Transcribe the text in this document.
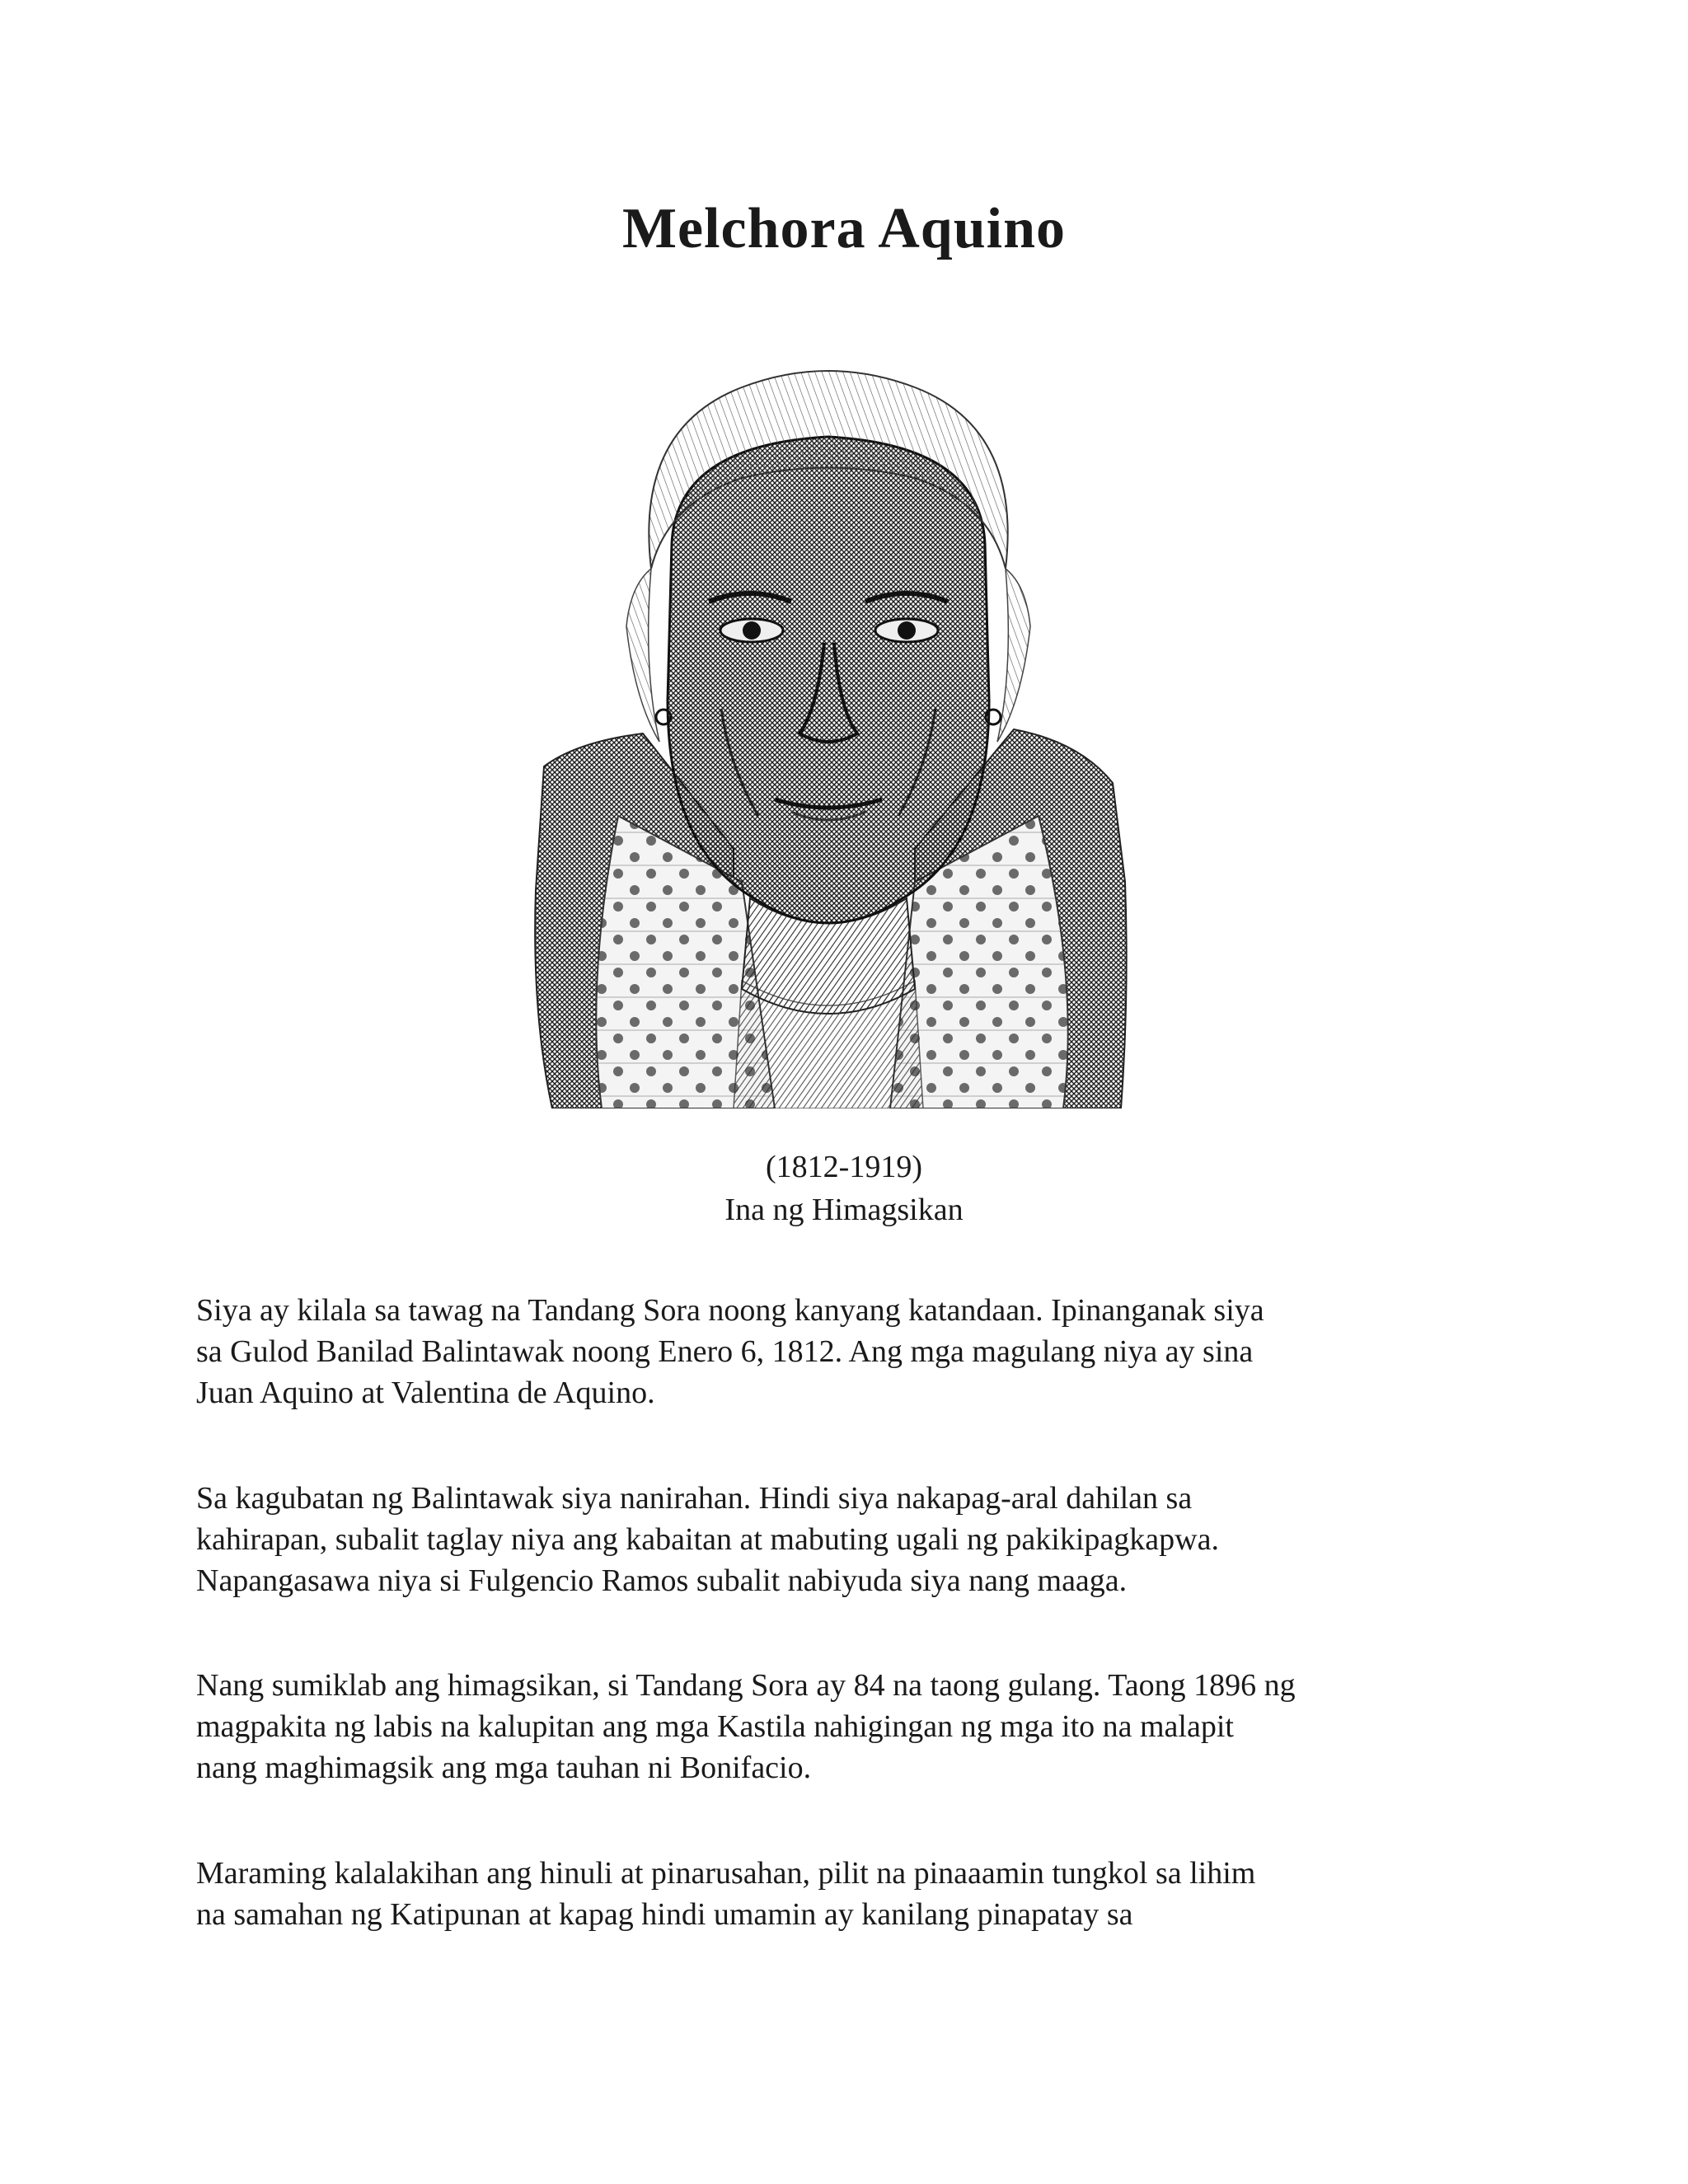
Melchora Aquino
(1812-1919)
Ina ng Himagsikan

Siya ay kilala sa tawag na Tandang Sora noong kanyang katandaan. Ipinanganak siya
sa Gulod Banilad Balintawak noong Enero 6, 1812. Ang mga magulang niya ay sina
Juan Aquino at Valentina de Aquino.

Sa kagubatan ng Balintawak siya nanirahan. Hindi siya nakapag-aral dahilan sa
kahirapan, subalit taglay niya ang kabaitan at mabuting ugali ng pakikipagkapwa.
Napangasawa niya si Fulgencio Ramos subalit nabiyuda siya nang maaga.

Nang sumiklab ang himagsikan, si Tandang Sora ay 84 na taong gulang. Taong 1896 ng
magpakita ng labis na kalupitan ang mga Kastila nahigingan ng mga ito na malapit
nang maghimagsik ang mga tauhan ni Bonifacio.

Maraming kalalakihan ang hinuli at pinarusahan, pilit na pinaaamin tungkol sa lihim
na samahan ng Katipunan at kapag hindi umamin ay kanilang pinapatay sa
